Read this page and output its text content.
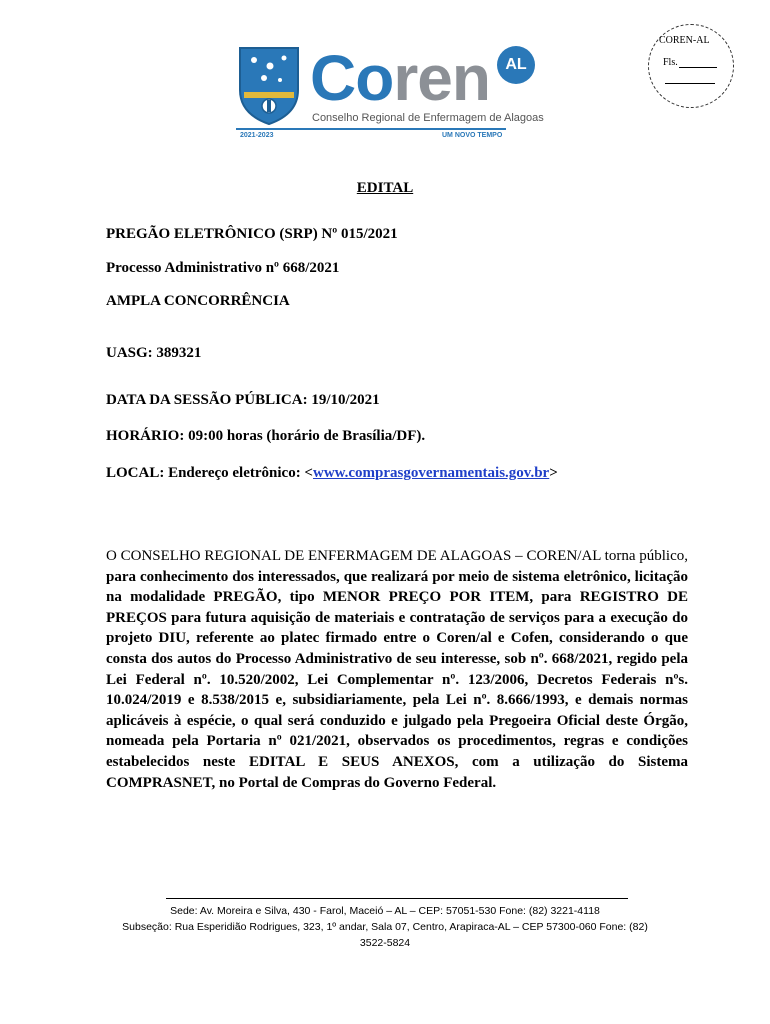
Coren AL
Conselho Regional de Enfermagem de Alagoas
2021-2023	UM NOVO TEMPO
COREN-AL
Fls.
EDITAL
PREGÃO ELETRÔNICO (SRP) Nº 015/2021
Processo Administrativo nº 668/2021
AMPLA CONCORRÊNCIA
UASG: 389321
DATA DA SESSÃO PÚBLICA: 19/10/2021
HORÁRIO: 09:00 horas (horário de Brasília/DF).
LOCAL: Endereço eletrônico: <www.comprasgovernamentais.gov.br>
O CONSELHO REGIONAL DE ENFERMAGEM DE ALAGOAS – COREN/AL torna público, para conhecimento dos interessados, que realizará por meio de sistema eletrônico, licitação na modalidade PREGÃO, tipo MENOR PREÇO POR ITEM, para REGISTRO DE PREÇOS para futura aquisição de materiais e contratação de serviços para a execução do projeto DIU, referente ao platec firmado entre o Coren/al e Cofen, considerando o que consta dos autos do Processo Administrativo de seu interesse, sob nº. 668/2021, regido pela Lei Federal nº. 10.520/2002, Lei Complementar nº. 123/2006, Decretos Federais nºs. 10.024/2019 e 8.538/2015 e, subsidiariamente, pela Lei nº. 8.666/1993, e demais normas aplicáveis à espécie, o qual será conduzido e julgado pela Pregoeira Oficial deste Órgão, nomeada pela Portaria nº 021/2021, observados os procedimentos, regras e condições estabelecidos neste EDITAL E SEUS ANEXOS, com a utilização do Sistema COMPRASNET, no Portal de Compras do Governo Federal.
Sede: Av. Moreira e Silva, 430 - Farol, Maceió – AL – CEP: 57051-530 Fone: (82) 3221-4118
Subseção: Rua Esperidião Rodrigues, 323, 1º andar, Sala 07, Centro, Arapiraca-AL – CEP 57300-060 Fone: (82)
3522-5824
